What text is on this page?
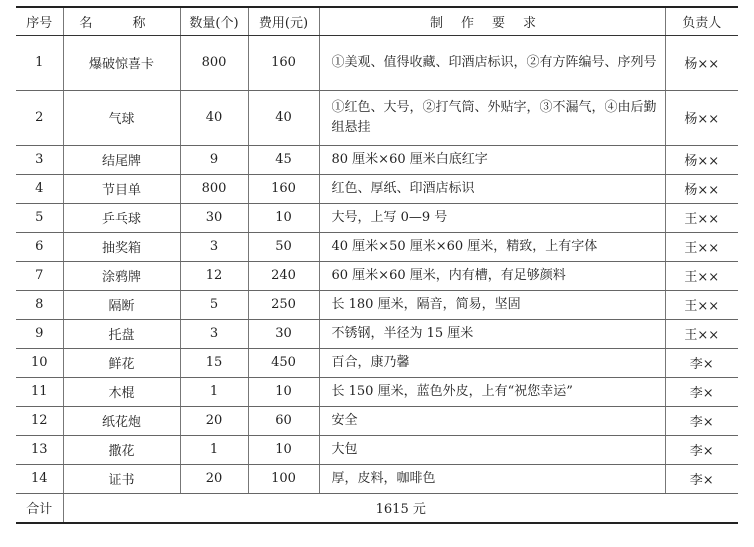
序号	名 称	数量(个)	费用(元)	制作要求	负责人
1	爆破惊喜卡	800	160	①美观、值得收藏、印酒店标识，②有方阵编号、序列号	杨××
2	气球	40	40	①红色、大号，②打气筒、外贴字，③不漏气，④由后勤组悬挂	杨××
3	结尾牌	9	45	80 厘米×60 厘米白底红字	杨××
4	节目单	800	160	红色、厚纸、印酒店标识	杨××
5	乒乓球	30	10	大号，上写 0—9 号	王××
6	抽奖箱	3	50	40 厘米×50 厘米×60 厘米，精致，上有字体	王××
7	涂鸦牌	12	240	60 厘米×60 厘米，内有槽，有足够颜料	王××
8	隔断	5	250	长 180 厘米，隔音，简易，坚固	王××
9	托盘	3	30	不锈钢，半径为 15 厘米	王××
10	鲜花	15	450	百合，康乃馨	李×
11	木棍	1	10	长 150 厘米，蓝色外皮，上有“祝您幸运”	李×
12	纸花炮	20	60	安全	李×
13	撒花	1	10	大包	李×
14	证书	20	100	厚，皮料，咖啡色	李×
合计	1615 元				
